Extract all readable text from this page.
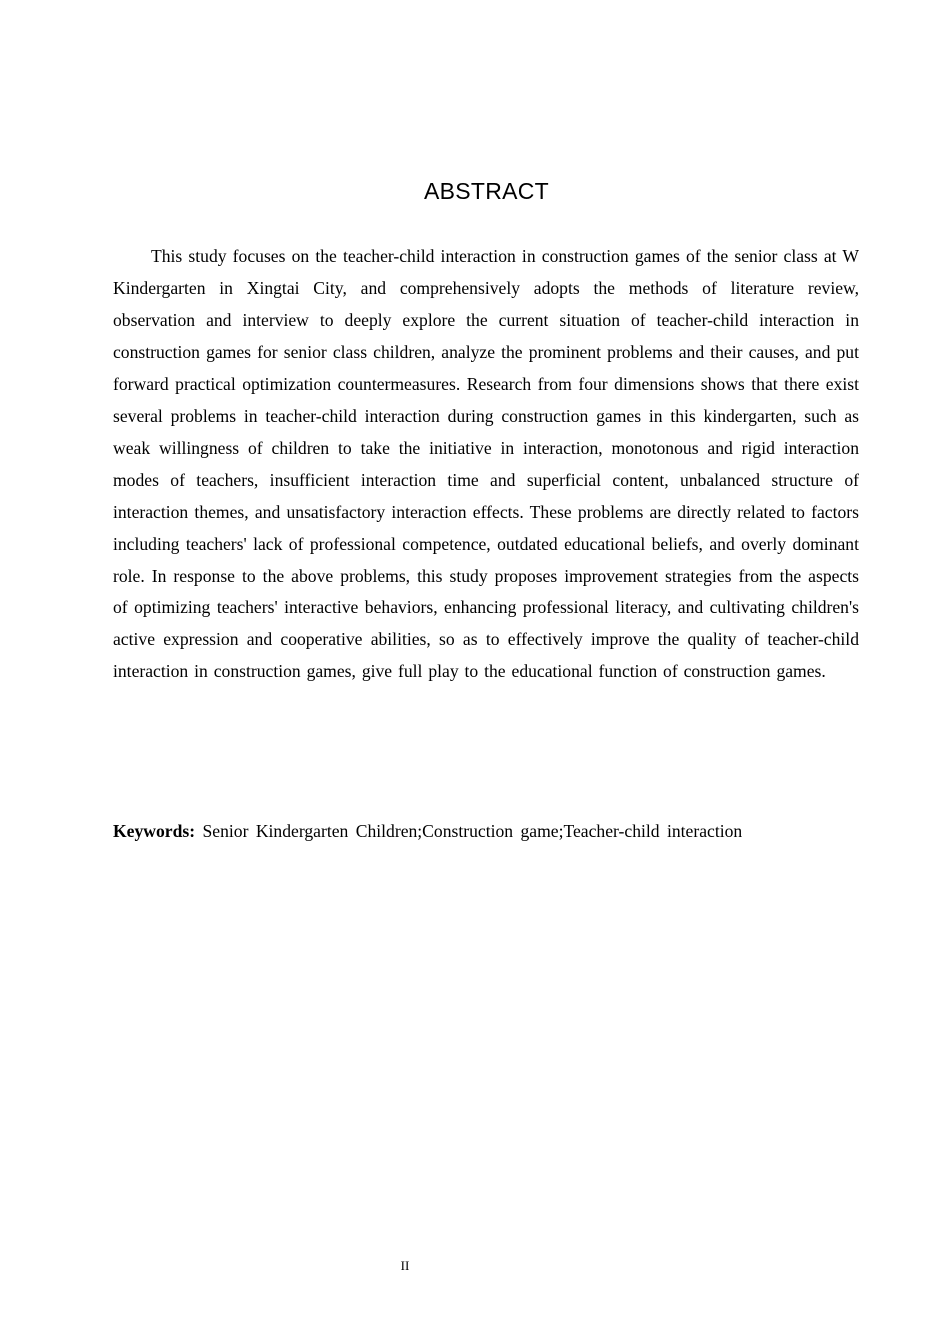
ABSTRACT

This study focuses on the teacher-child interaction in construction games of the senior class at W Kindergarten in Xingtai City, and comprehensively adopts the methods of literature review, observation and interview to deeply explore the current situation of teacher-child interaction in construction games for senior class children, analyze the prominent problems and their causes, and put forward practical optimization countermeasures. Research from four dimensions shows that there exist several problems in teacher-child interaction during construction games in this kindergarten, such as weak willingness of children to take the initiative in interaction, monotonous and rigid interaction modes of teachers, insufficient interaction time and superficial content, unbalanced structure of interaction themes, and unsatisfactory interaction effects. These problems are directly related to factors including teachers' lack of professional competence, outdated educational beliefs, and overly dominant role. In response to the above problems, this study proposes improvement strategies from the aspects of optimizing teachers' interactive behaviors, enhancing professional literacy, and cultivating children's active expression and cooperative abilities, so as to effectively improve the quality of teacher-child interaction in construction games, give full play to the educational function of construction games.

Keywords: Senior Kindergarten Children;Construction game;Teacher-child interaction

II
